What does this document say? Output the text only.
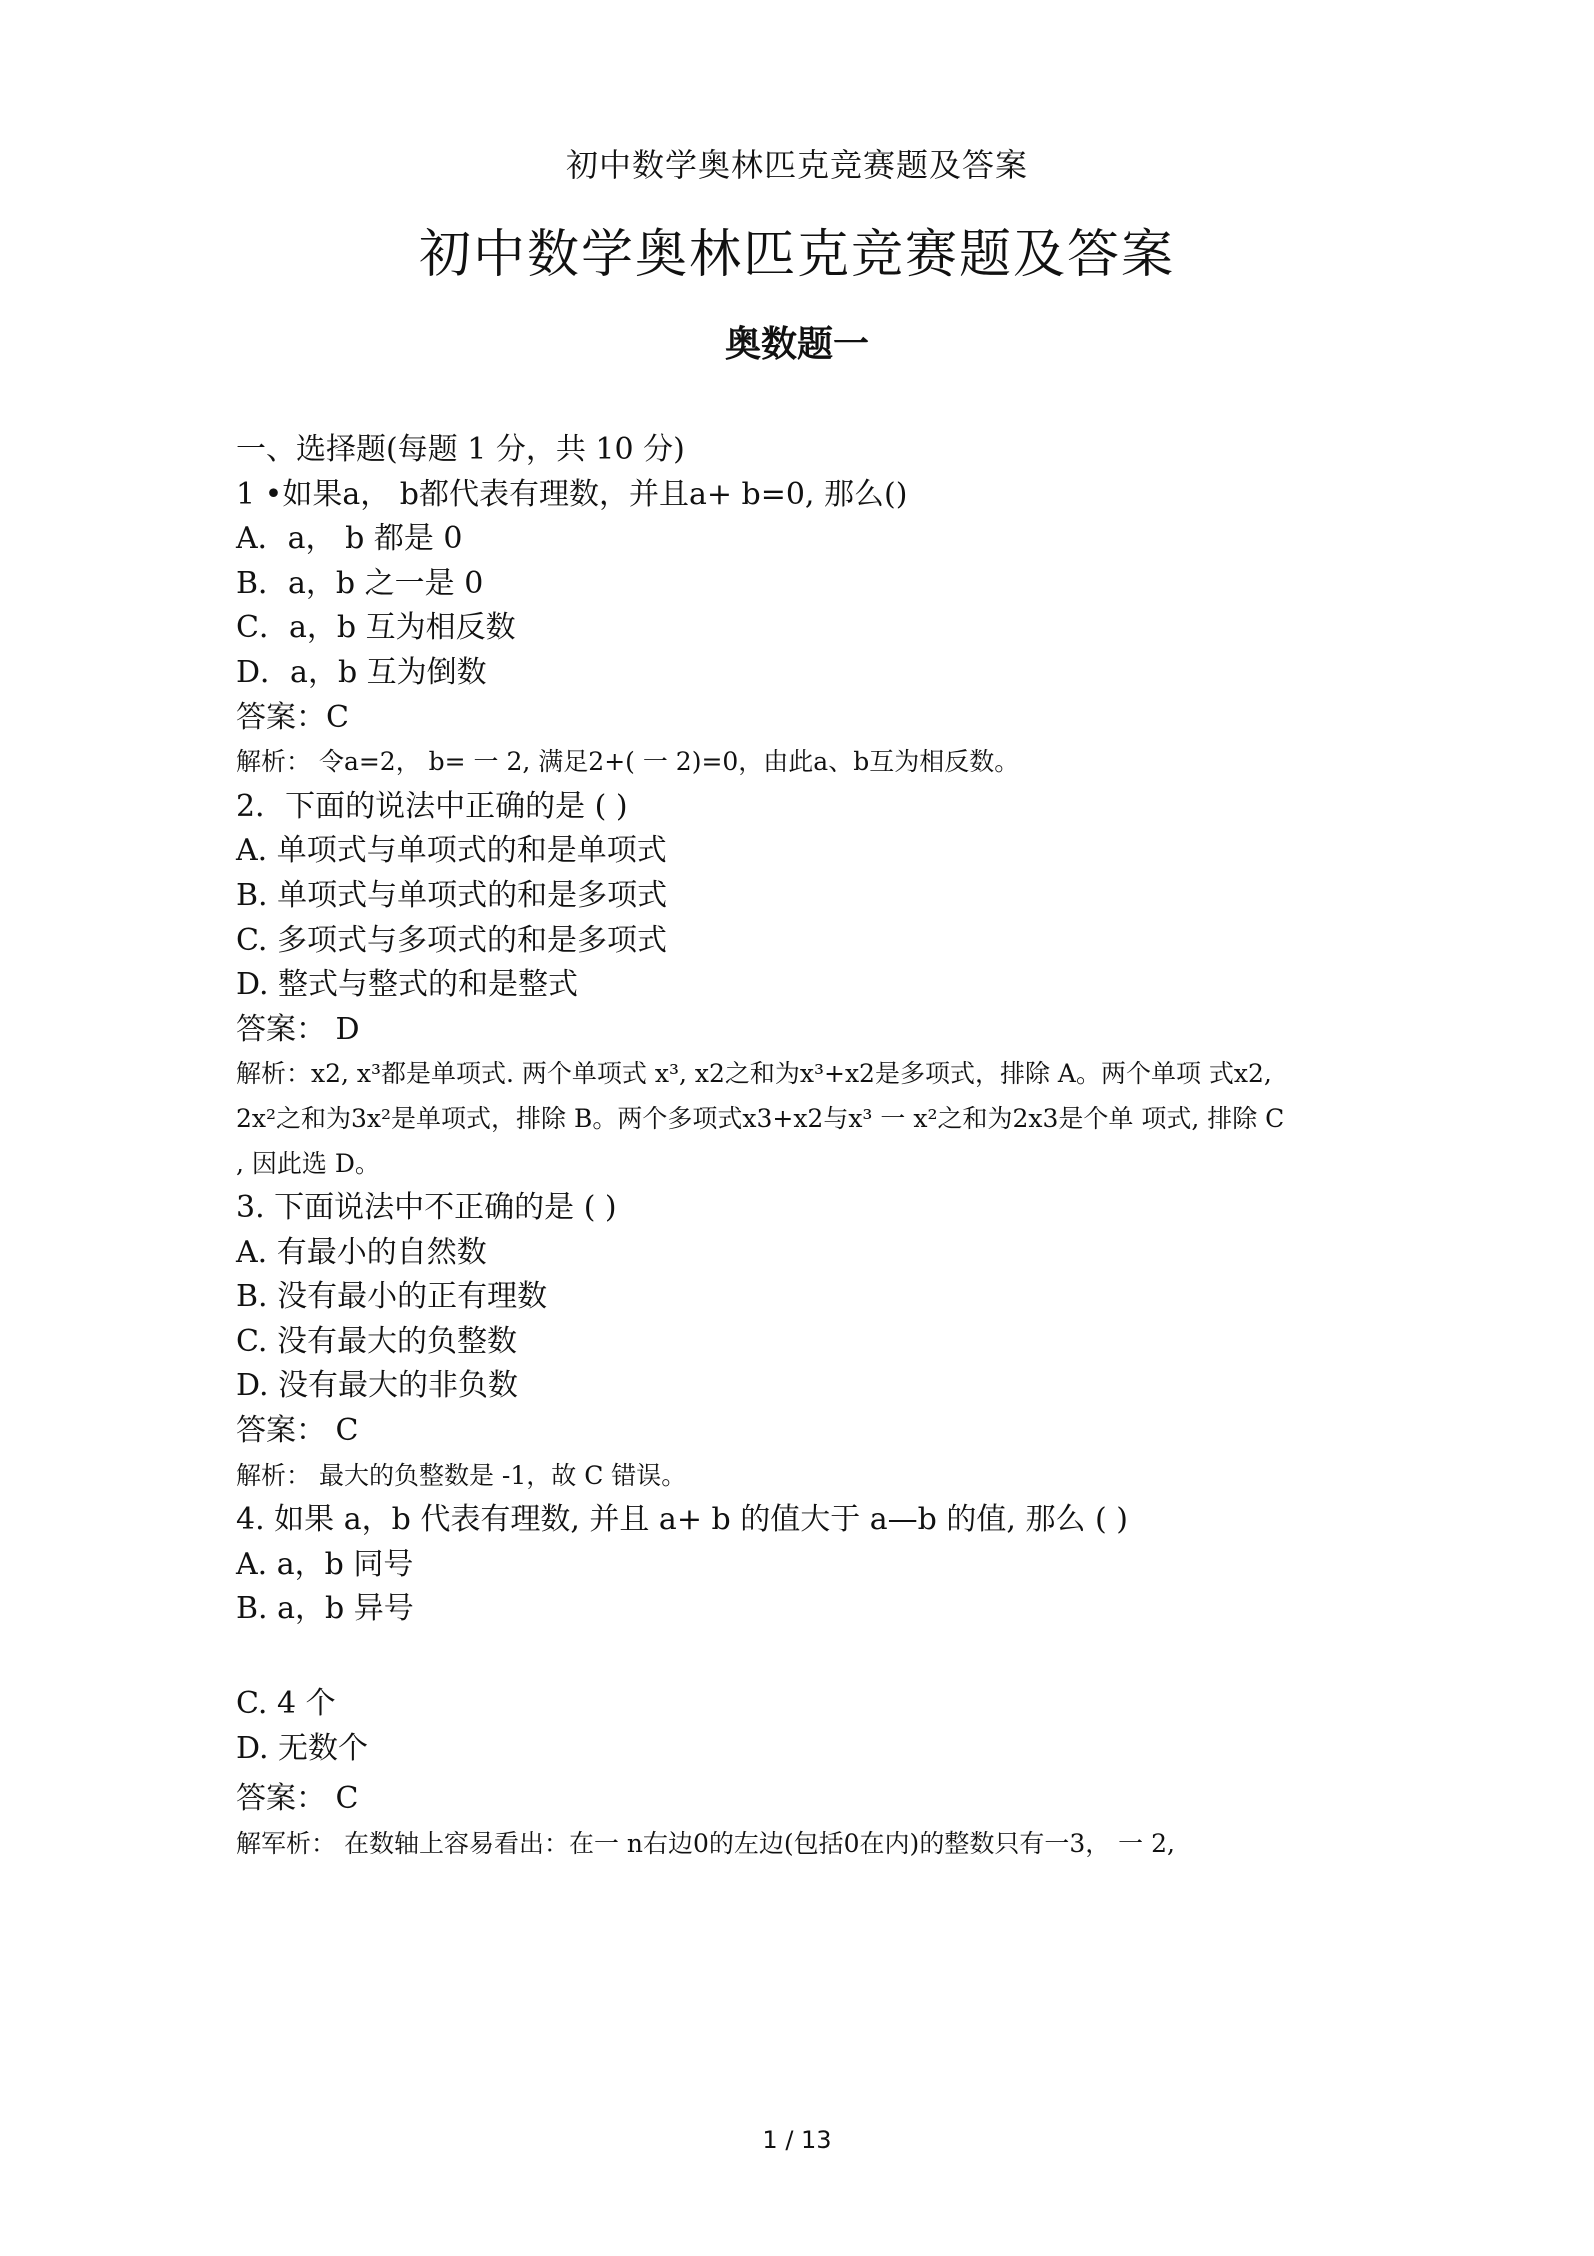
初中数学奥林匹克竞赛题及答案
初中数学奥林匹克竞赛题及答案
奥数题一
一、选择题(每题 1 分，共 10 分)
1 •如果a， b都代表有理数，并且a+ b=0, 那么()
A．a， b 都是 0
B．a，b 之一是 0
C．a，b 互为相反数
D．a，b 互为倒数
答案：C
解析： 令a=2， b= 一 2, 满足2+( 一 2)=0，由此a、b互为相反数。
2．下面的说法中正确的是 ( )
A. 单项式与单项式的和是单项式
B. 单项式与单项式的和是多项式
C. 多项式与多项式的和是多项式
D. 整式与整式的和是整式
答案： D
解析：x2, x³都是单项式. 两个单项式 x³, x2之和为x³+x2是多项式，排除 A。两个单项 式x2,
2x²之和为3x²是单项式，排除 B。两个多项式x3+x2与x³ 一 x²之和为2x3是个单 项式, 排除 C
, 因此选 D。
3. 下面说法中不正确的是 ( )
A. 有最小的自然数
B. 没有最小的正有理数
C. 没有最大的负整数
D. 没有最大的非负数
答案： C
解析： 最大的负整数是 -1，故 C 错误。
4. 如果 a，b 代表有理数, 并且 a+ b 的值大于 a—b 的值, 那么 ( )
A. a，b 同号
B. a，b 异号
C. 4 个
D. 无数个
答案： C
解军析： 在数轴上容易看出：在一 n右边0的左边(包括0在内)的整数只有一3， 一 2,
1 / 13
